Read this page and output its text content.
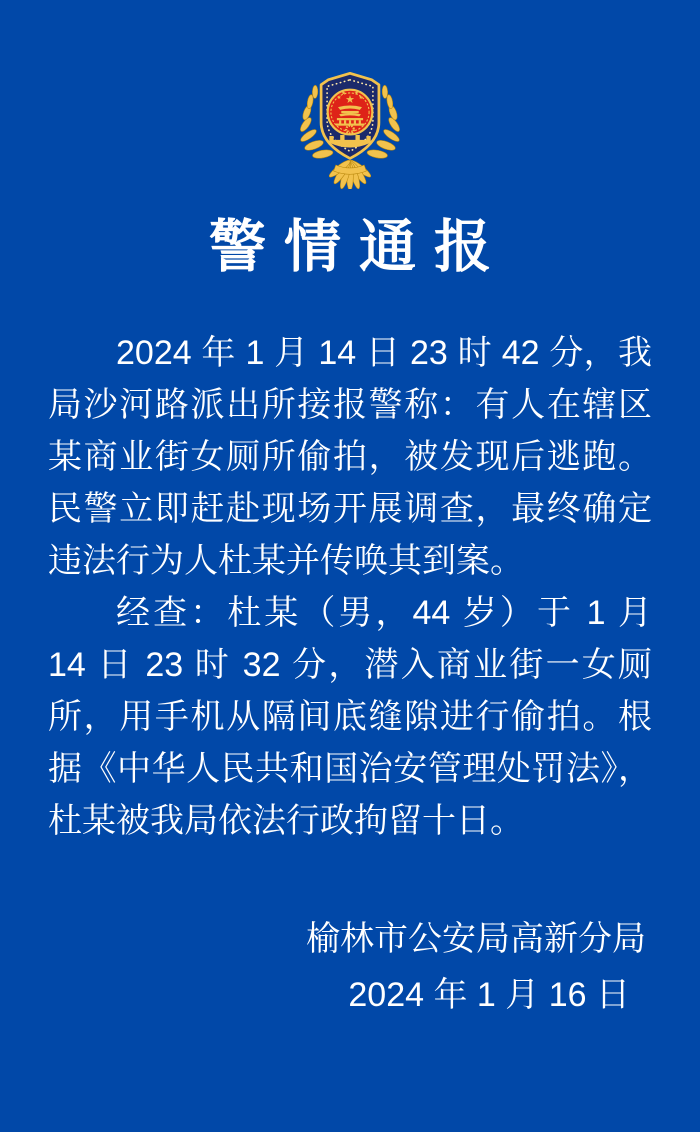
警情通报

2024 年 1 月 14 日 23 时 42 分，我局沙河路派出所接报警称：有人在辖区某商业街女厕所偷拍，被发现后逃跑。民警立即赶赴现场开展调查，最终确定违法行为人杜某并传唤其到案。

经查：杜某（男，44 岁）于 1 月 14 日 23 时 32 分，潜入商业街一女厕所，用手机从隔间底缝隙进行偷拍。根据《中华人民共和国治安管理处罚法》，杜某被我局依法行政拘留十日。

榆林市公安局高新分局
2024 年 1 月 16 日
